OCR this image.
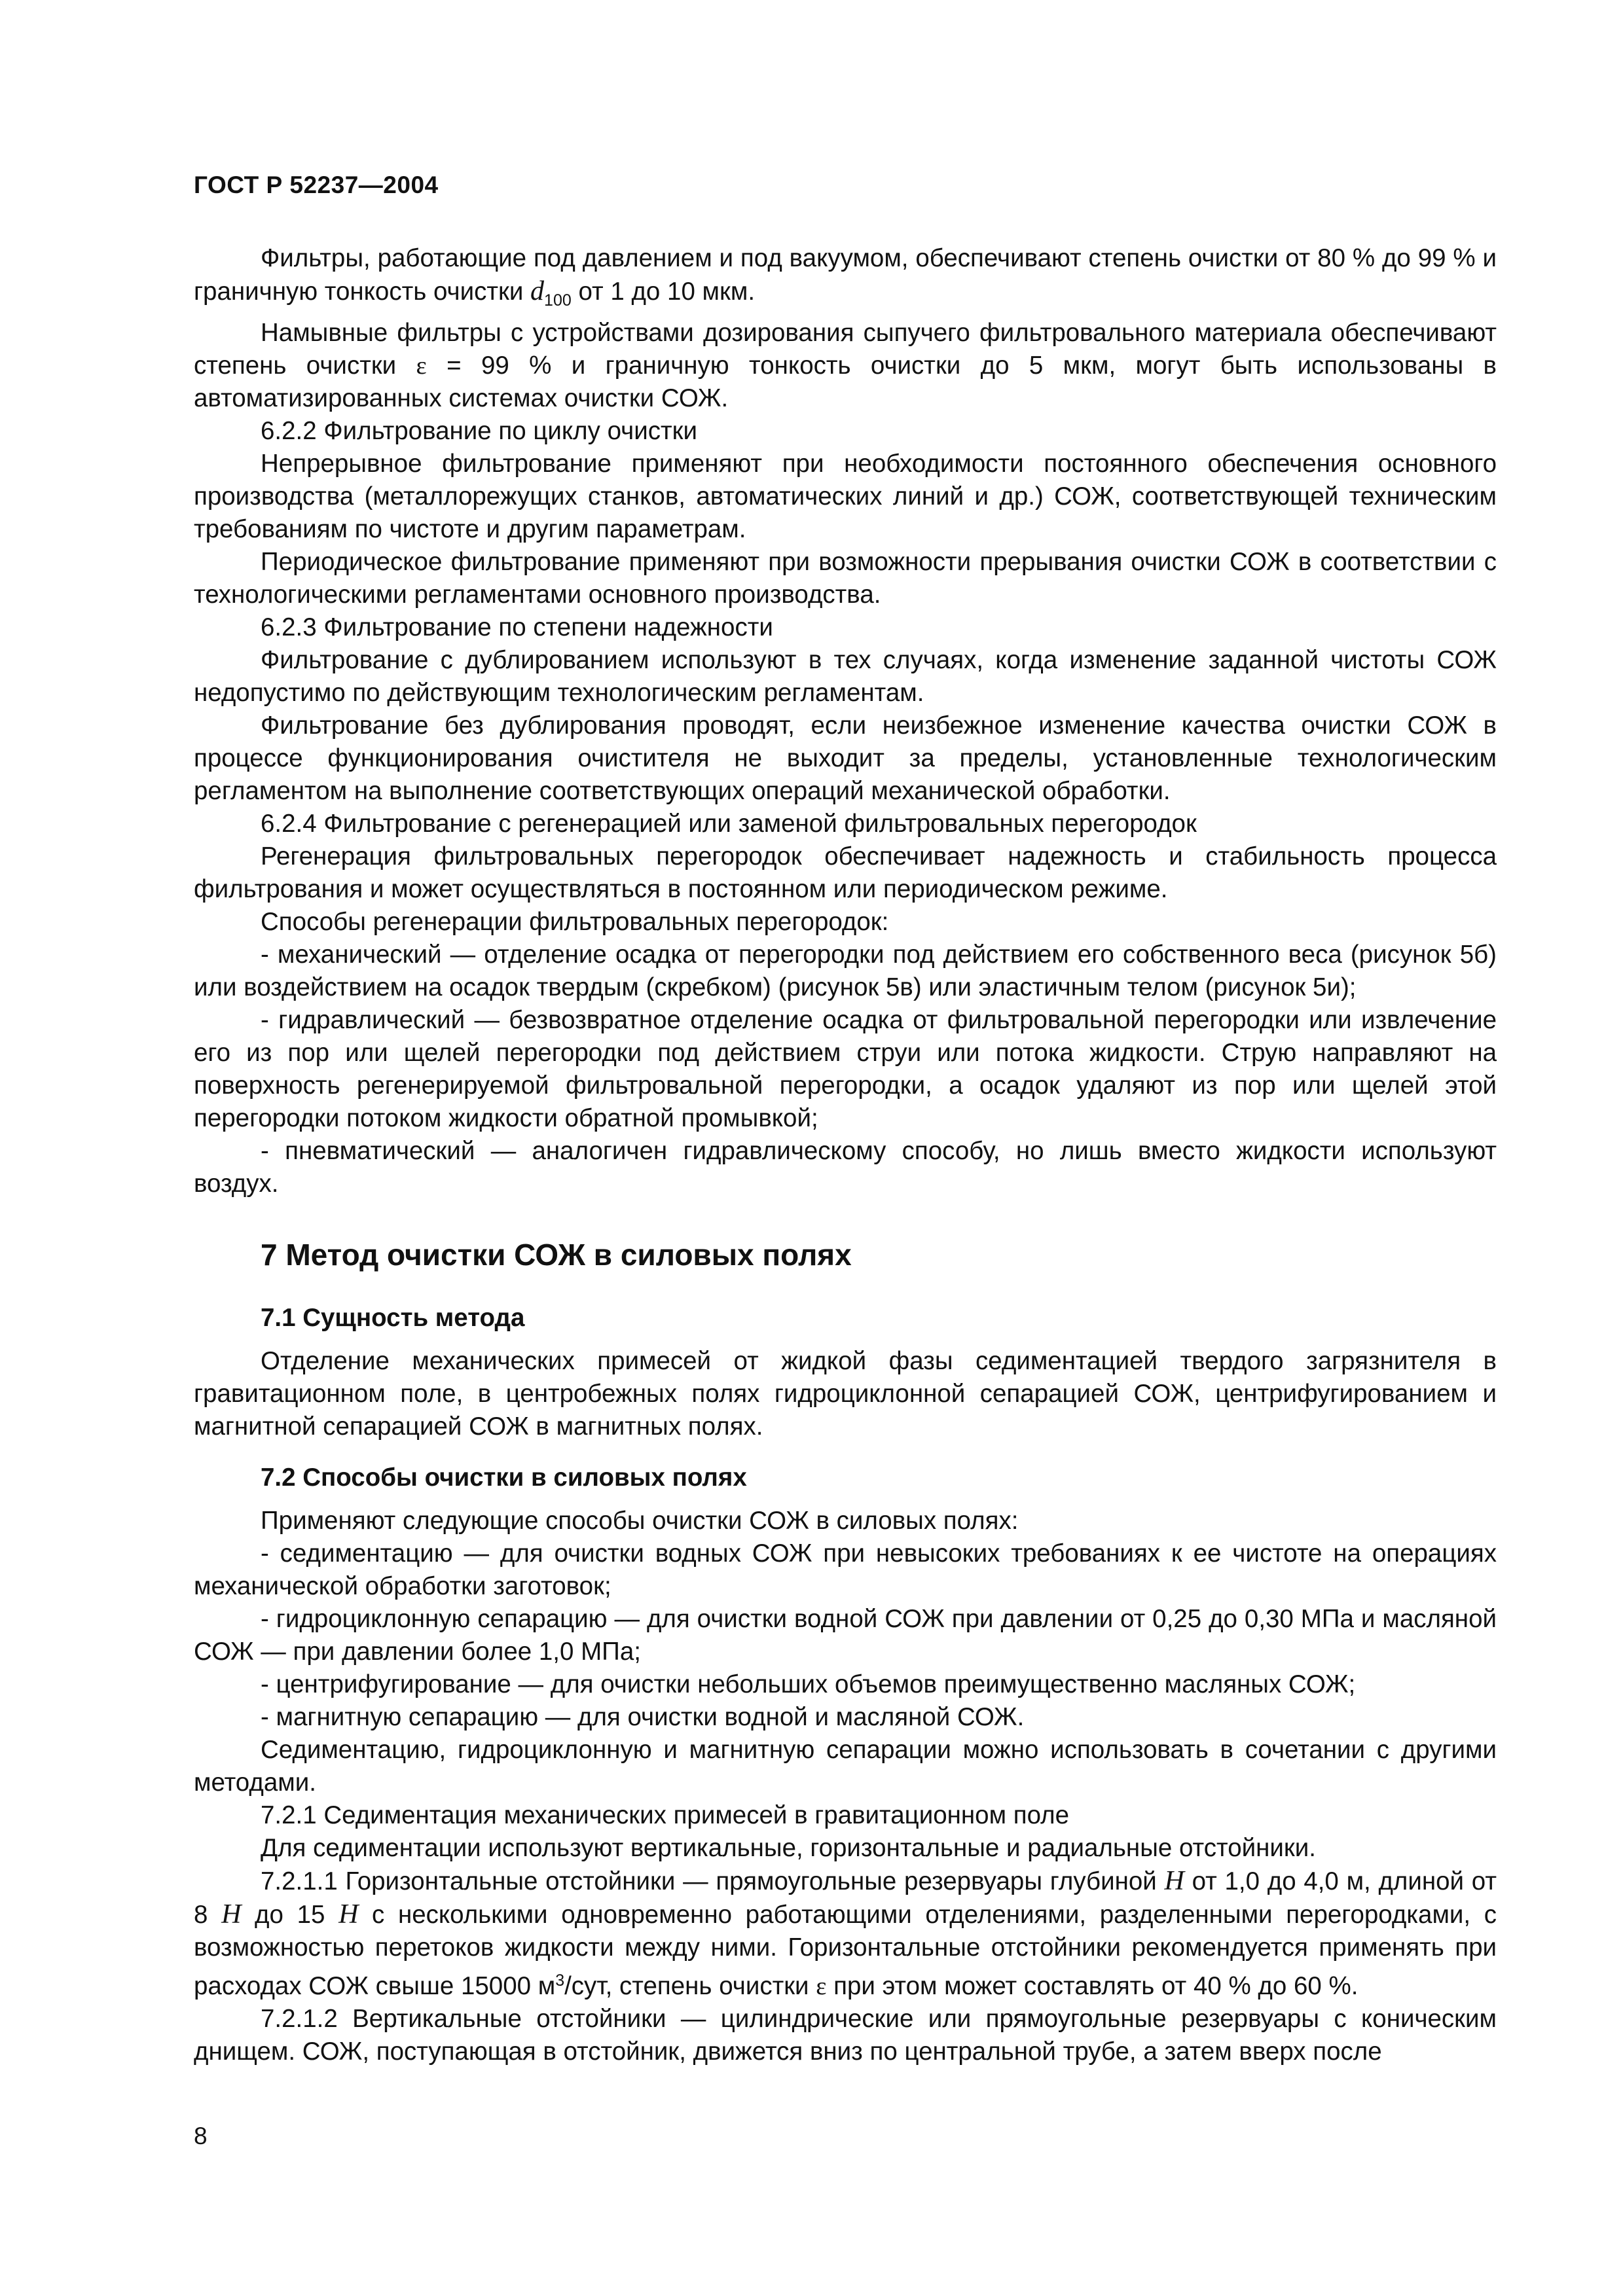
ГОСТ Р 52237—2004

Фильтры, работающие под давлением и под вакуумом, обеспечивают степень очистки от 80 % до 99 % и граничную тонкость очистки $d_{100}$ от 1 до 10 мкм.

Намывные фильтры с устройствами дозирования сыпучего фильтровального материала обеспечивают степень очистки ε = 99 % и граничную тонкость очистки до 5 мкм, могут быть использованы в автоматизированных системах очистки СОЖ.

6.2.2 Фильтрование по циклу очистки

Непрерывное фильтрование применяют при необходимости постоянного обеспечения основного производства (металлорежущих станков, автоматических линий и др.) СОЖ, соответствующей техническим требованиям по чистоте и другим параметрам.

Периодическое фильтрование применяют при возможности прерывания очистки СОЖ в соответствии с технологическими регламентами основного производства.

6.2.3 Фильтрование по степени надежности

Фильтрование с дублированием используют в тех случаях, когда изменение заданной чистоты СОЖ недопустимо по действующим технологическим регламентам.

Фильтрование без дублирования проводят, если неизбежное изменение качества очистки СОЖ в процессе функционирования очистителя не выходит за пределы, установленные технологическим регламентом на выполнение соответствующих операций механической обработки.

6.2.4 Фильтрование с регенерацией или заменой фильтровальных перегородок

Регенерация фильтровальных перегородок обеспечивает надежность и стабильность процесса фильтрования и может осуществляться в постоянном или периодическом режиме.

Способы регенерации фильтровальных перегородок:

- механический — отделение осадка от перегородки под действием его собственного веса (рисунок 5б) или воздействием на осадок твердым (скребком) (рисунок 5в) или эластичным телом (рисунок 5и);

- гидравлический — безвозвратное отделение осадка от фильтровальной перегородки или извлечение его из пор или щелей перегородки под действием струи или потока жидкости. Струю направляют на поверхность регенерируемой фильтровальной перегородки, а осадок удаляют из пор или щелей этой перегородки потоком жидкости обратной промывкой;

- пневматический — аналогичен гидравлическому способу, но лишь вместо жидкости используют воздух.

7 Метод очистки СОЖ в силовых полях
7.1 Сущность метода

Отделение механических примесей от жидкой фазы седиментацией твердого загрязнителя в гравитационном поле, в центробежных полях гидроциклонной сепарацией СОЖ, центрифугированием и магнитной сепарацией СОЖ в магнитных полях.

7.2 Способы очистки в силовых полях

Применяют следующие способы очистки СОЖ в силовых полях:

- седиментацию — для очистки водных СОЖ при невысоких требованиях к ее чистоте на операциях механической обработки заготовок;

- гидроциклонную сепарацию — для очистки водной СОЖ при давлении от 0,25 до 0,30 МПа и масляной СОЖ — при давлении более 1,0 МПа;

- центрифугирование — для очистки небольших объемов преимущественно масляных СОЖ;

- магнитную сепарацию — для очистки водной и масляной СОЖ.

Седиментацию, гидроциклонную и магнитную сепарации можно использовать в сочетании с другими методами.

7.2.1 Седиментация механических примесей в гравитационном поле

Для седиментации используют вертикальные, горизонтальные и радиальные отстойники.

7.2.1.1 Горизонтальные отстойники — прямоугольные резервуары глубиной H от 1,0 до 4,0 м, длиной от 8 H до 15 H с несколькими одновременно работающими отделениями, разделенными перегородками, с возможностью перетоков жидкости между ними. Горизонтальные отстойники рекомендуется применять при расходах СОЖ свыше 15000 $м^3$/сут, степень очистки ε при этом может составлять от 40 % до 60 %.

7.2.1.2 Вертикальные отстойники — цилиндрические или прямоугольные резервуары с коническим днищем. СОЖ, поступающая в отстойник, движется вниз по центральной трубе, а затем вверх после

8
